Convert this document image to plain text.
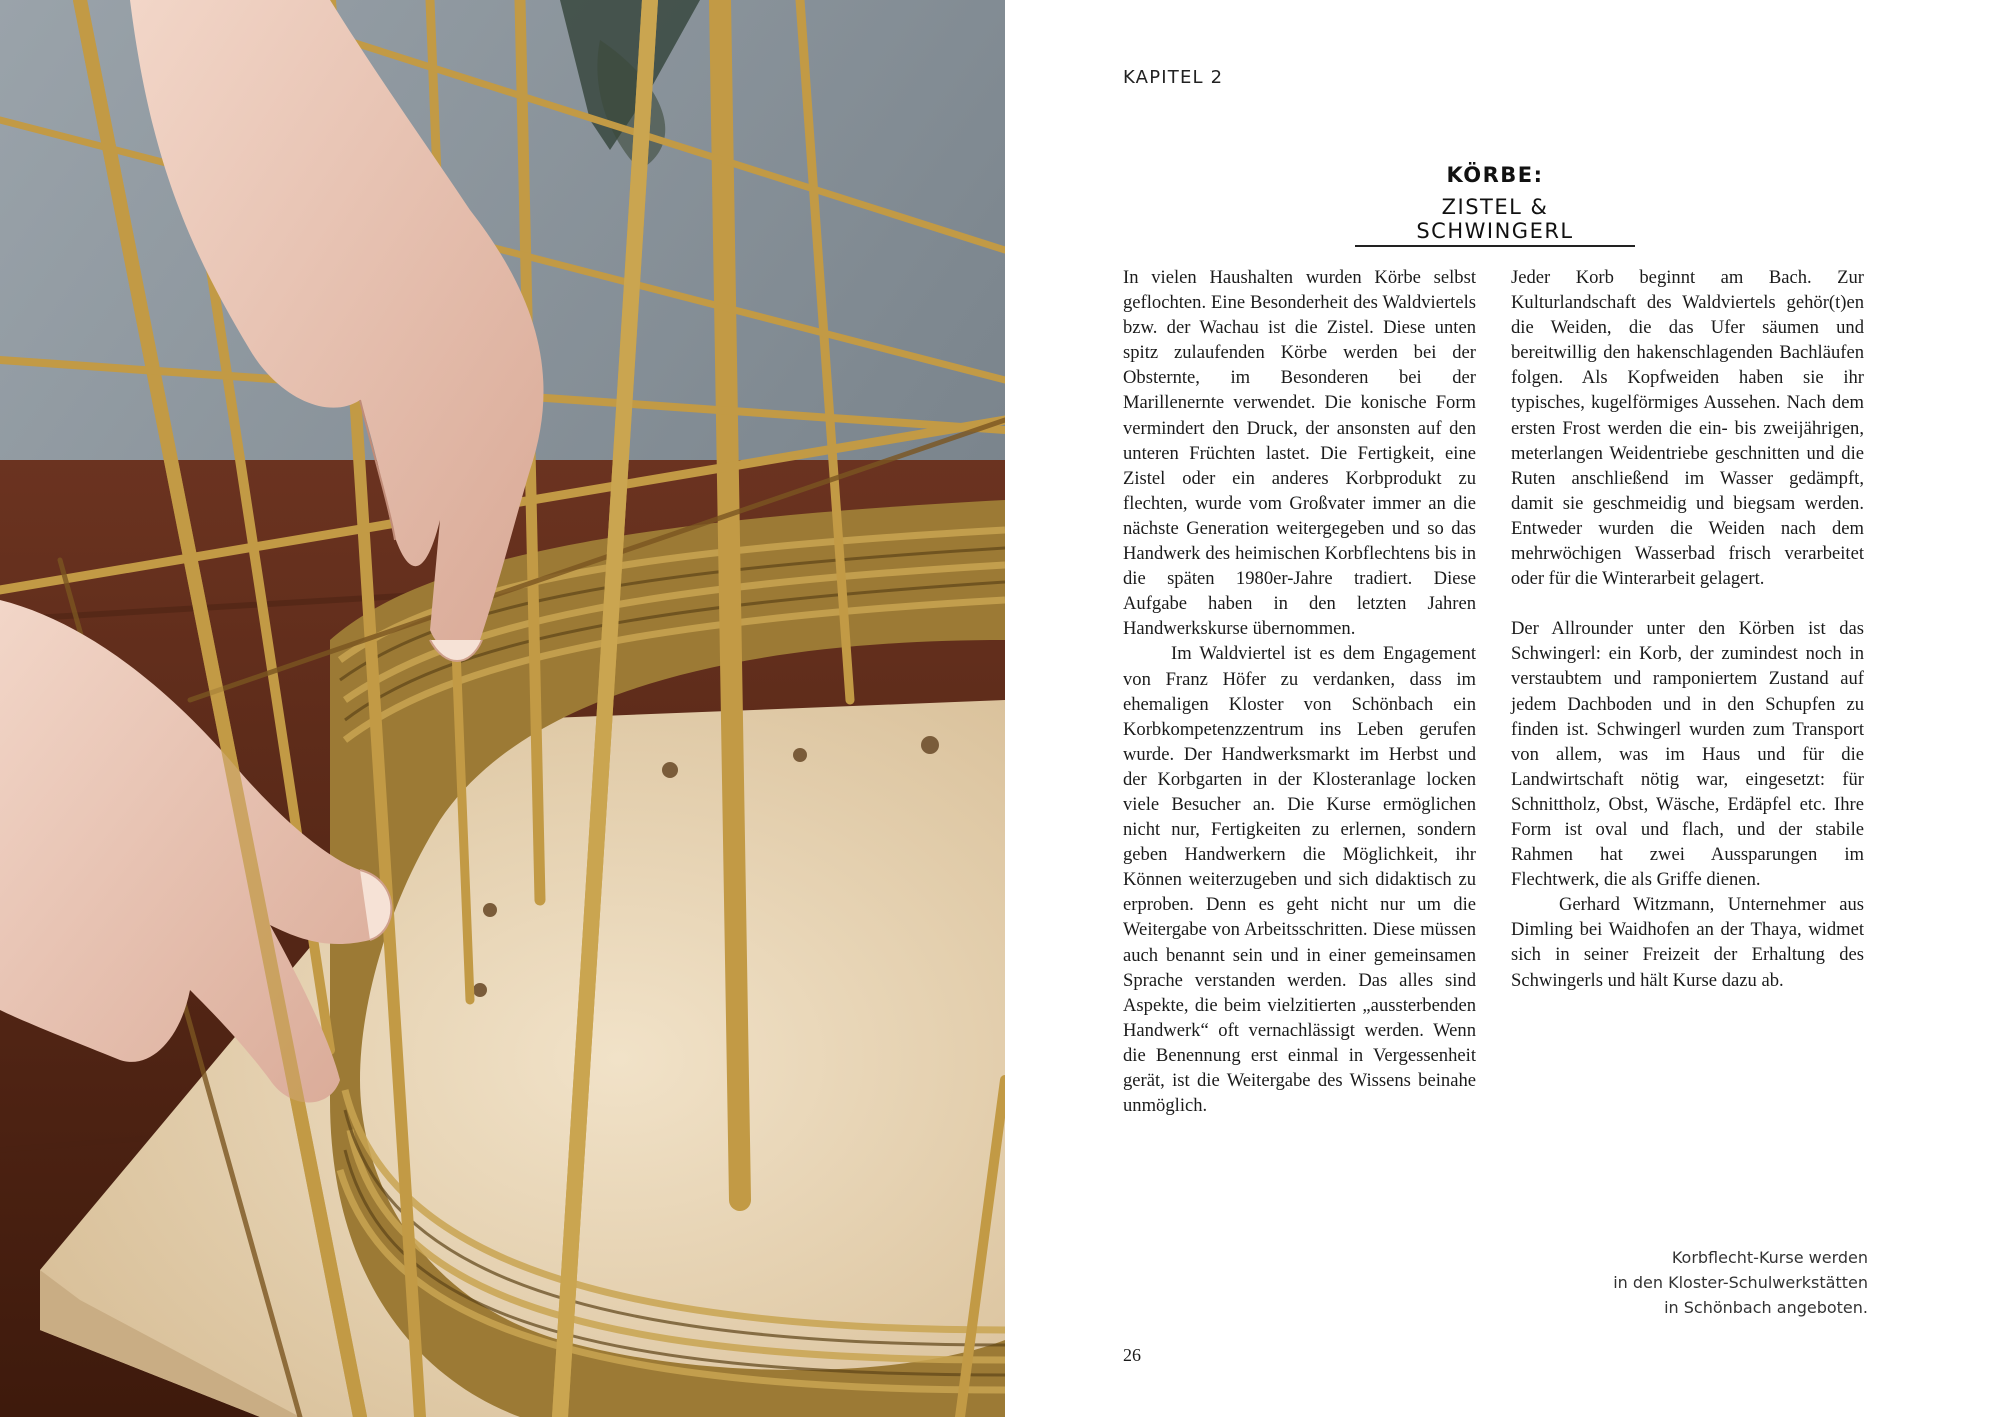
KAPITEL 2
KÖRBE:
ZISTEL & SCHWINGERL

In vielen Haushalten wurden Körbe selbst geflochten. Eine Besonderheit des Waldviertels bzw. der Wachau ist die Zistel. Diese unten spitz zulaufenden Körbe werden bei der Obsternte, im Besonderen bei der Marillenernte verwendet. Die konische Form vermindert den Druck, der ansonsten auf den unteren Früchten lastet. Die Fertigkeit, eine Zistel oder ein anderes Korbprodukt zu flechten, wurde vom Großvater immer an die nächste Generation weitergegeben und so das Handwerk des heimischen Korbflechtens bis in die späten 1980er-Jahre tradiert. Diese Aufgabe haben in den letzten Jahren Handwerkskurse übernommen.

Im Waldviertel ist es dem Engagement von Franz Höfer zu verdanken, dass im ehemaligen Kloster von Schönbach ein Korbkompetenzzentrum ins Leben gerufen wurde. Der Handwerksmarkt im Herbst und der Korbgarten in der Klosteranlage locken viele Besucher an. Die Kurse ermöglichen nicht nur, Fertigkeiten zu erlernen, sondern geben Handwerkern die Möglichkeit, ihr Können weiterzugeben und sich didaktisch zu erproben. Denn es geht nicht nur um die Weitergabe von Arbeitsschritten. Diese müssen auch benannt sein und in einer gemeinsamen Sprache verstanden werden. Das alles sind Aspekte, die beim vielzitierten „aussterbenden Handwerk“ oft vernachlässigt werden. Wenn die Benennung erst einmal in Vergessenheit gerät, ist die Weitergabe des Wissens beinahe unmöglich.

Jeder Korb beginnt am Bach. Zur Kulturlandschaft des Waldviertels gehör(t)en die Weiden, die das Ufer säumen und bereitwillig den hakenschlagenden Bachläufen folgen. Als Kopfweiden haben sie ihr typisches, kugelförmiges Aussehen. Nach dem ersten Frost werden die ein- bis zweijährigen, meterlangen Weidentriebe geschnitten und die Ruten anschließend im Wasser gedämpft, damit sie geschmeidig und biegsam werden. Entweder wurden die Weiden nach dem mehrwöchigen Wasserbad frisch verarbeitet oder für die Winterarbeit gelagert.

Der Allrounder unter den Körben ist das Schwingerl: ein Korb, der zumindest noch in verstaubtem und ramponiertem Zustand auf jedem Dachboden und in den Schupfen zu finden ist. Schwingerl wurden zum Transport von allem, was im Haus und für die Landwirtschaft nötig war, eingesetzt: für Schnittholz, Obst, Wäsche, Erdäpfel etc. Ihre Form ist oval und flach, und der stabile Rahmen hat zwei Aussparungen im Flechtwerk, die als Griffe dienen.

Gerhard Witzmann, Unternehmer aus Dimling bei Waidhofen an der Thaya, widmet sich in seiner Freizeit der Erhaltung des Schwingerls und hält Kurse dazu ab.

Korbflecht-Kurse werden
in den Kloster-Schulwerkstätten
in Schönbach angeboten.
26
